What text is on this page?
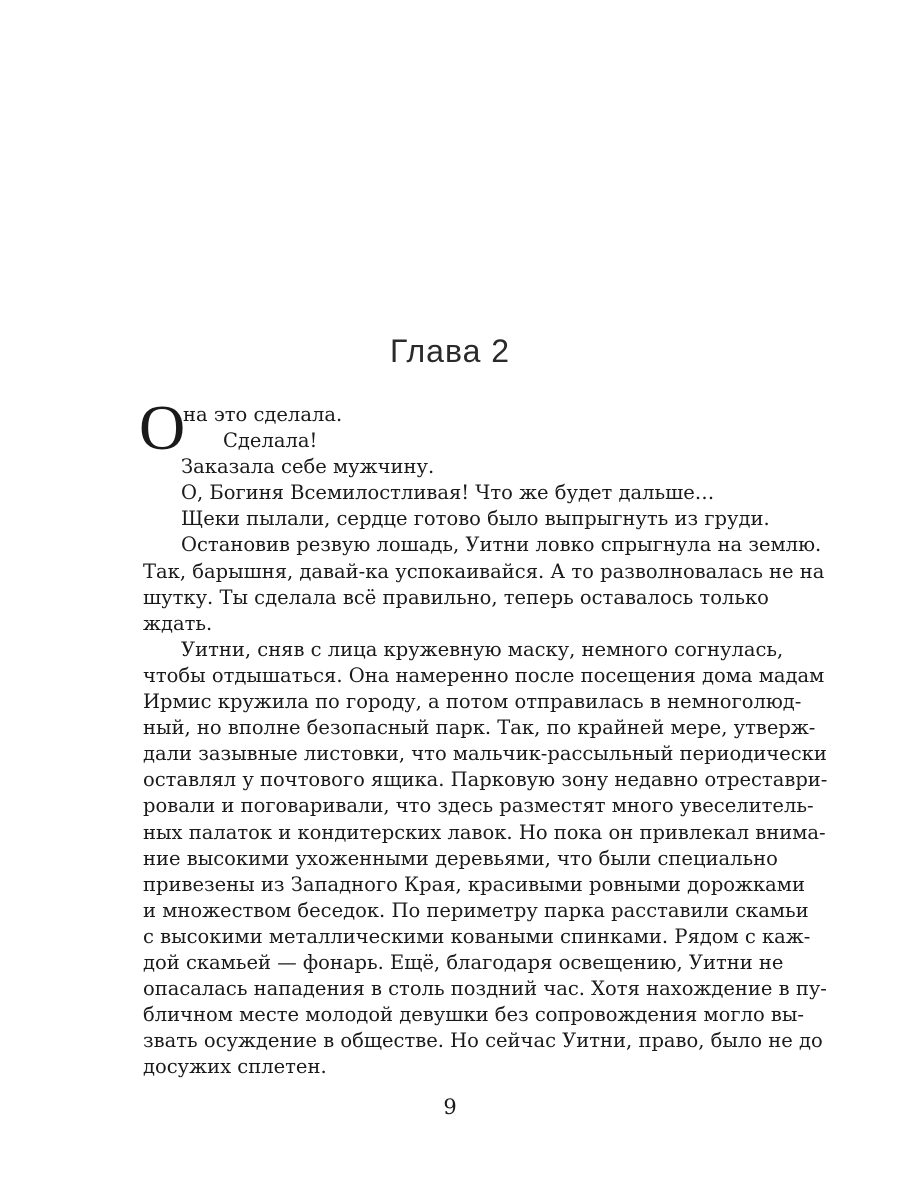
Глава 2
О
на это сделала.
Сделала!
Заказала себе мужчину.
О, Богиня Всемилостливая! Что же будет дальше…
Щеки пылали, сердце готово было выпрыгнуть из груди.
Остановив резвую лошадь, Уитни ловко спрыгнула на землю.
Так, барышня, давай-ка успокаивайся. А то разволновалась не на
шутку. Ты сделала всё правильно, теперь оставалось только
ждать.
Уитни, сняв с лица кружевную маску, немного согнулась,
чтобы отдышаться. Она намеренно после посещения дома мадам
Ирмис кружила по городу, а потом отправилась в немноголюд-
ный, но вполне безопасный парк. Так, по крайней мере, утверж-
дали зазывные листовки, что мальчик-рассыльный периодически
оставлял у почтового ящика. Парковую зону недавно отреставри-
ровали и поговаривали, что здесь разместят много увеселитель-
ных палаток и кондитерских лавок. Но пока он привлекал внима-
ние высокими ухоженными деревьями, что были специально
привезены из Западного Края, красивыми ровными дорожками
и множеством беседок. По периметру парка расставили скамьи
с высокими металлическими коваными спинками. Рядом с каж-
дой скамьей — фонарь. Ещё, благодаря освещению, Уитни не
опасалась нападения в столь поздний час. Хотя нахождение в пу-
бличном месте молодой девушки без сопровождения могло вы-
звать осуждение в обществе. Но сейчас Уитни, право, было не до
досужих сплетен.
9
